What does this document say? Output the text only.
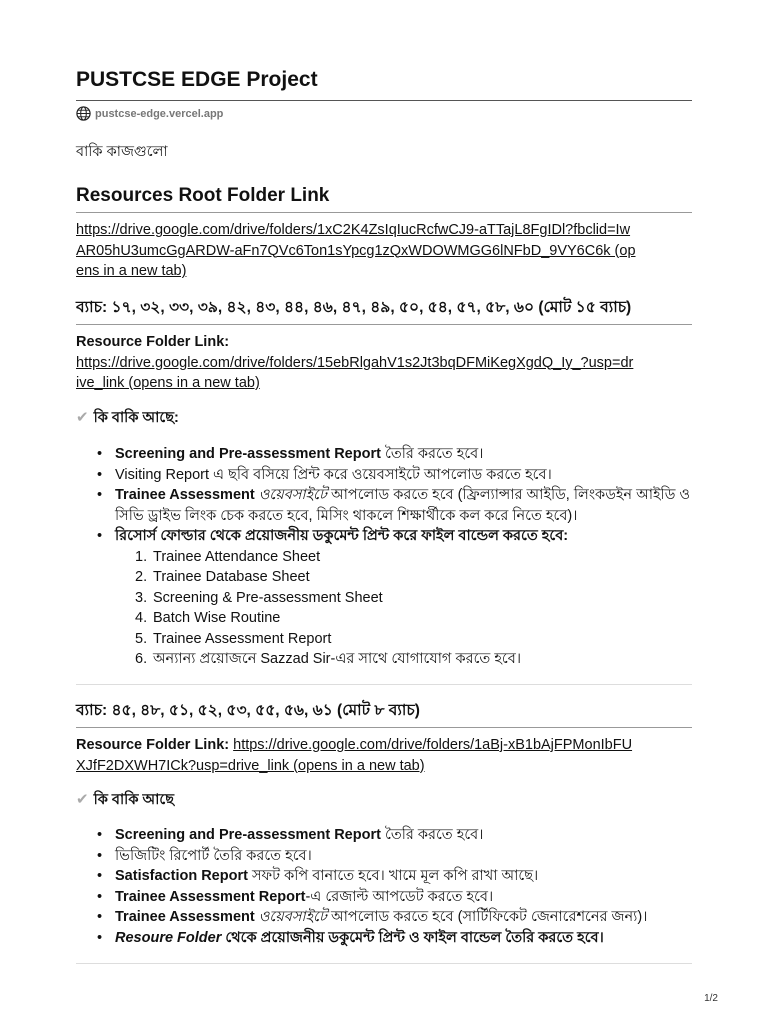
PUSTCSE EDGE Project
pustcse-edge.vercel.app
বাকি কাজগুলো
Resources Root Folder Link
https://drive.google.com/drive/folders/1xC2K4ZsIqIucRcfwCJ9-aTTajL8FgIDl?fbclid=IwAR05hU3umcGgARDW-aFn7QVc6Ton1sYpcg1zQxWDOWMGG6lNFbD_9VY6C6k (opens in a new tab)
ব্যাচ: ১৭, ৩২, ৩৩, ৩৯, ৪২, ৪৩, ৪৪, ৪৬, ৪৭, ৪৯, ৫০, ৫৪, ৫৭, ৫৮, ৬০ (মোট ১৫ ব্যাচ)
Resource Folder Link:
https://drive.google.com/drive/folders/15ebRlgahV1s2Jt3bqDFMiKegXgdQ_Iy_?usp=drive_link (opens in a new tab)
✔ কি বাকি আছে:
• Screening and Pre-assessment Report তৈরি করতে হবে।
• Visiting Report এ ছবি বসিয়ে প্রিন্ট করে ওয়েবসাইটে আপলোড করতে হবে।
• Trainee Assessment ওয়েবসাইটে আপলোড করতে হবে (ফ্রিল্যান্সার আইডি, লিংকডইন আইডি ও সিভি ড্রাইভ লিংক চেক করতে হবে, মিসিং থাকলে শিক্ষার্থীকে কল করে নিতে হবে)।
• রিসোর্স ফোল্ডার থেকে প্রয়োজনীয় ডকুমেন্ট প্রিন্ট করে ফাইল বান্ডেল করতে হবে:
1. Trainee Attendance Sheet
2. Trainee Database Sheet
3. Screening & Pre-assessment Sheet
4. Batch Wise Routine
5. Trainee Assessment Report
6. অন্যান্য প্রয়োজনে Sazzad Sir-এর সাথে যোগাযোগ করতে হবে।
ব্যাচ: ৪৫, ৪৮, ৫১, ৫২, ৫৩, ৫৫, ৫৬, ৬১ (মোট ৮ ব্যাচ)
Resource Folder Link: https://drive.google.com/drive/folders/1aBj-xB1bAjFPMonIbFUXJfF2DXWH7ICk?usp=drive_link (opens in a new tab)
✔ কি বাকি আছে
• Screening and Pre-assessment Report তৈরি করতে হবে।
• ভিজিটিং রিপোর্ট তৈরি করতে হবে।
• Satisfaction Report সফট কপি বানাতে হবে। খামে মূল কপি রাখা আছে।
• Trainee Assessment Report-এ রেজাল্ট আপডেট করতে হবে।
• Trainee Assessment ওয়েবসাইটে আপলোড করতে হবে (সার্টিফিকেট জেনারেশনের জন্য)।
• Resoure Folder থেকে প্রয়োজনীয় ডকুমেন্ট প্রিন্ট ও ফাইল বান্ডেল তৈরি করতে হবে।
1/2
